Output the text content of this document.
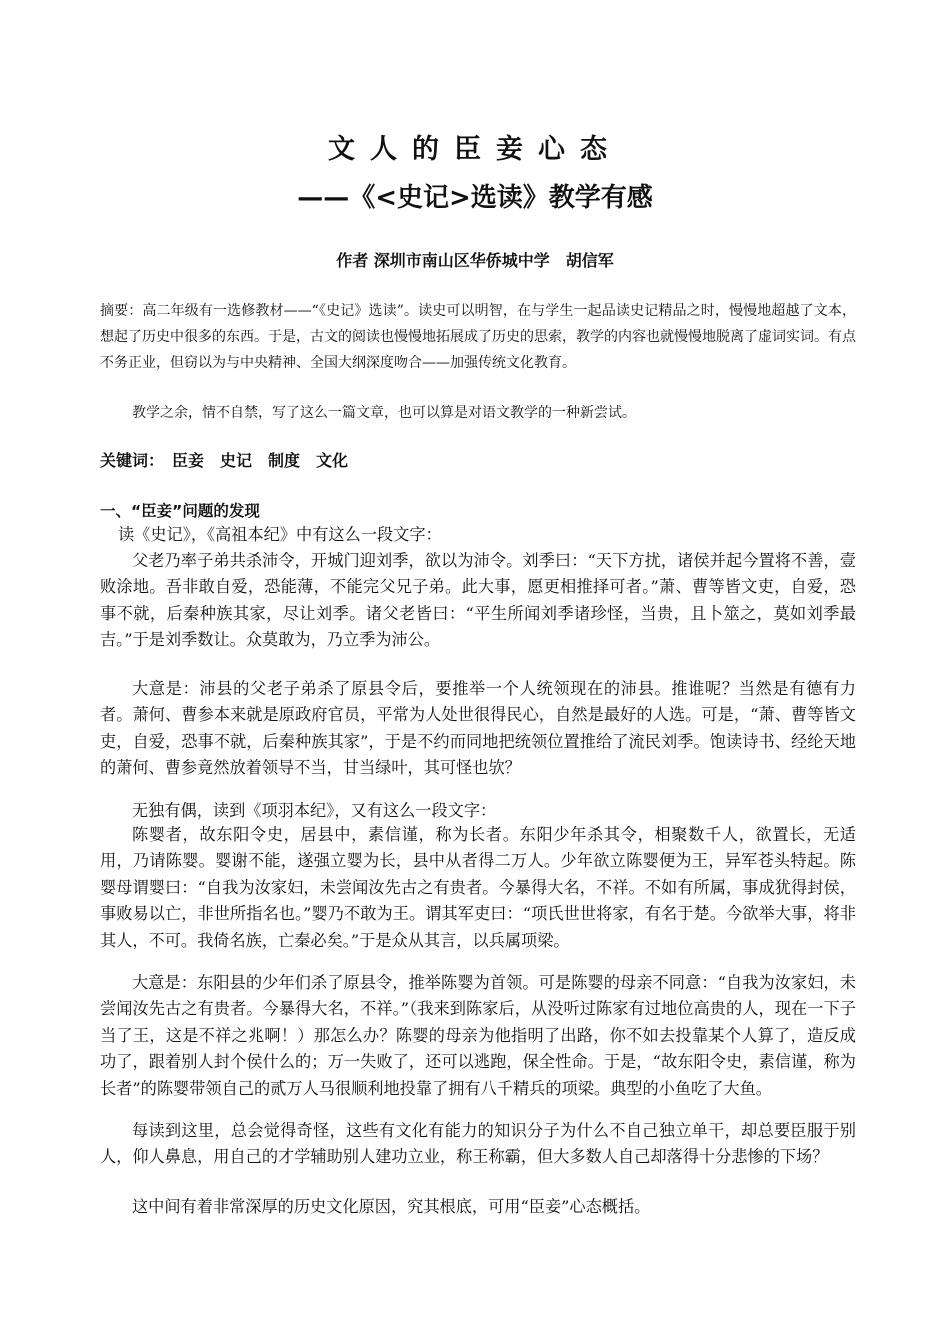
文人的臣妾心态
——《<史记>选读》教学有感
作者 深圳市南山区华侨城中学　胡信军

摘要：高二年级有一选修教材——“《史记》选读”。读史可以明智，在与学生一起品读史记精品之时，慢慢地超越了文本，想起了历史中很多的东西。于是，古文的阅读也慢慢地拓展成了历史的思索，教学的内容也就慢慢地脱离了虚词实词。有点不务正业，但窃以为与中央精神、全国大纲深度吻合——加强传统文化教育。

教学之余，情不自禁，写了这么一篇文章，也可以算是对语文教学的一种新尝试。

关键词：　臣妾　史记　制度　文化
一、“臣妾”问题的发现

读《史记》，《高祖本纪》中有这么一段文字：

父老乃率子弟共杀沛令，开城门迎刘季，欲以为沛令。刘季曰：“天下方扰，诸侯并起今置将不善，壹败涂地。吾非敢自爱，恐能薄，不能完父兄子弟。此大事，愿更相推择可者。”萧、曹等皆文吏，自爱，恐事不就，后秦种族其家，尽让刘季。诸父老皆曰：“平生所闻刘季诸珍怪，当贵，且卜筮之，莫如刘季最吉。”于是刘季数让。众莫敢为，乃立季为沛公。

大意是：沛县的父老子弟杀了原县令后，要推举一个人统领现在的沛县。推谁呢？当然是有德有力者。萧何、曹参本来就是原政府官员，平常为人处世很得民心，自然是最好的人选。可是，“萧、曹等皆文吏，自爱，恐事不就，后秦种族其家”，于是不约而同地把统领位置推给了流民刘季。饱读诗书、经纶天地的萧何、曹参竟然放着领导不当，甘当绿叶，其可怪也欤？

无独有偶，读到《项羽本纪》，又有这么一段文字：

陈婴者，故东阳令史，居县中，素信谨，称为长者。东阳少年杀其令，相聚数千人，欲置长，无适用，乃请陈婴。婴谢不能，遂强立婴为长，县中从者得二万人。少年欲立陈婴便为王，异军苍头特起。陈婴母谓婴曰：“自我为汝家妇，未尝闻汝先古之有贵者。今暴得大名，不祥。不如有所属，事成犹得封侯，事败易以亡，非世所指名也。”婴乃不敢为王。谓其军吏曰：“项氏世世将家，有名于楚。今欲举大事，将非其人，不可。我倚名族，亡秦必矣。”于是众从其言，以兵属项梁。

大意是：东阳县的少年们杀了原县令，推举陈婴为首领。可是陈婴的母亲不同意：“自我为汝家妇，未尝闻汝先古之有贵者。今暴得大名，不祥。”（我来到陈家后，从没听过陈家有过地位高贵的人，现在一下子当了王，这是不祥之兆啊！）那怎么办？陈婴的母亲为他指明了出路，你不如去投靠某个人算了，造反成功了，跟着别人封个侯什么的；万一失败了，还可以逃跑，保全性命。于是，“故东阳令史，素信谨，称为长者”的陈婴带领自己的贰万人马很顺利地投靠了拥有八千精兵的项梁。典型的小鱼吃了大鱼。

每读到这里，总会觉得奇怪，这些有文化有能力的知识分子为什么不自己独立单干，却总要臣服于别人，仰人鼻息，用自己的才学辅助别人建功立业，称王称霸，但大多数人自己却落得十分悲惨的下场？

这中间有着非常深厚的历史文化原因，究其根底，可用“臣妾”心态概括。
